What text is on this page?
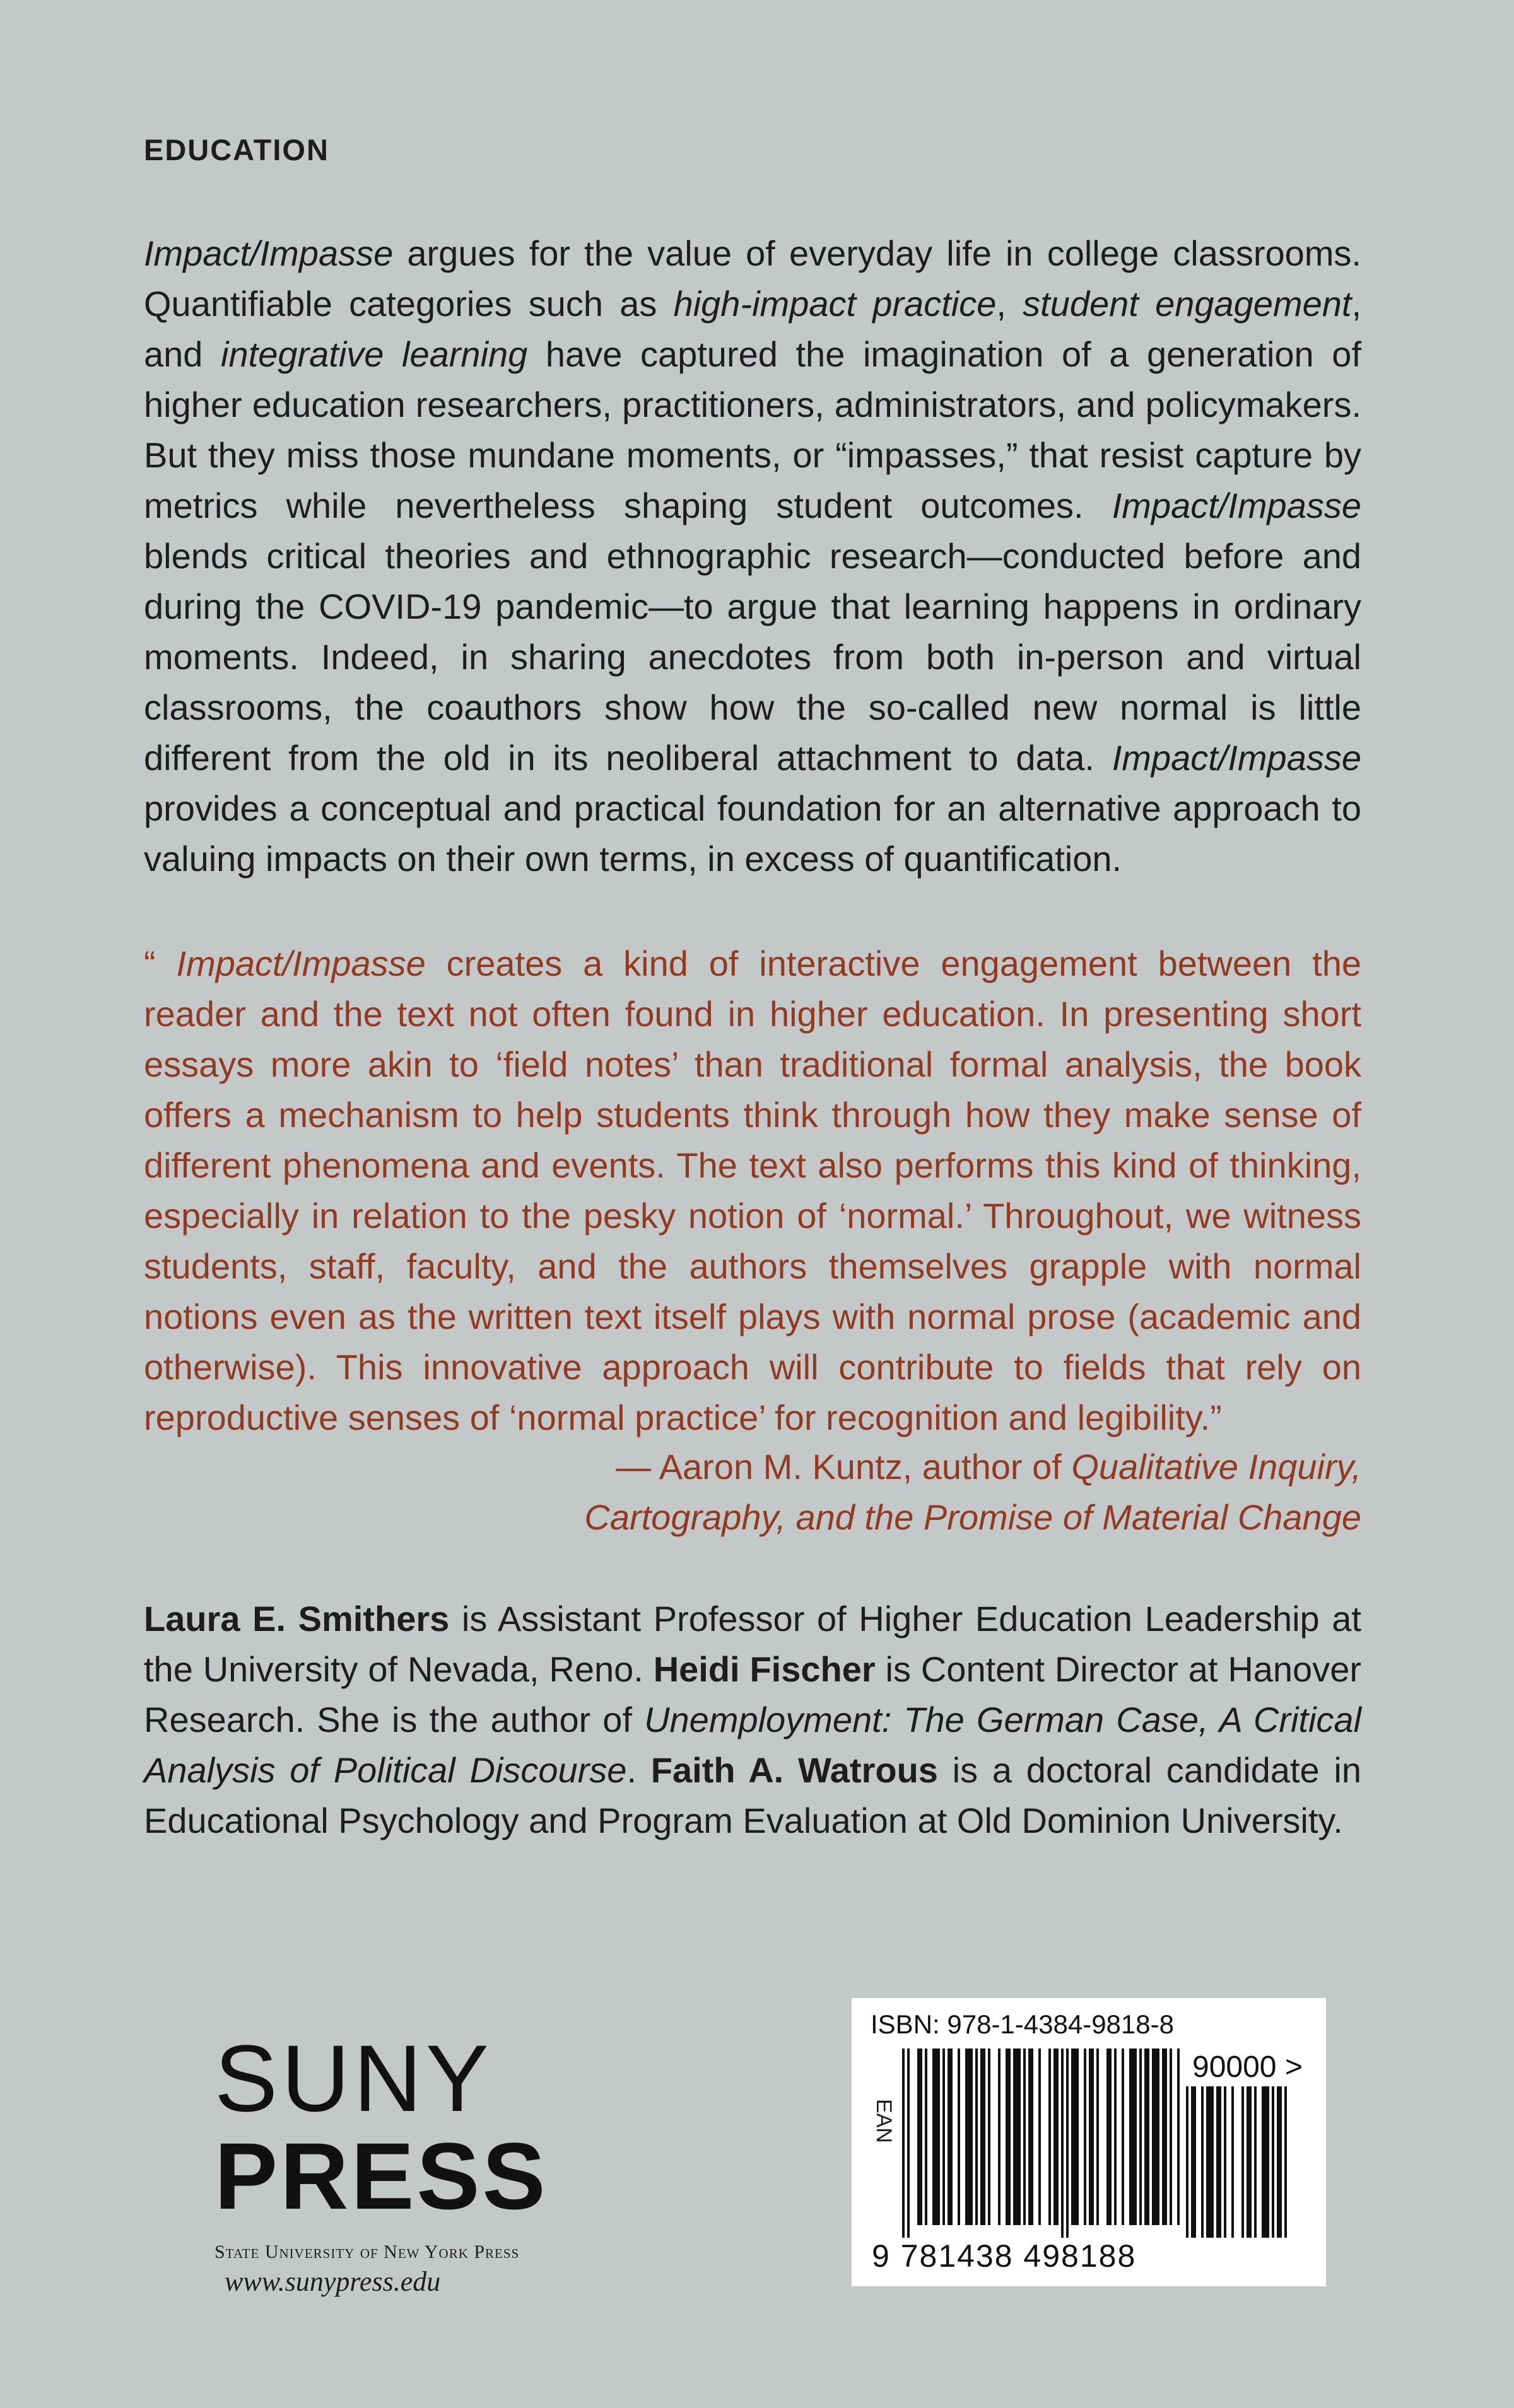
EDUCATION
Impact/Impasse argues for the value of everyday life in college classrooms. Quantifiable categories such as high-impact practice, student engagement, and integrative learning have captured the imagination of a generation of higher education researchers, practitioners, administrators, and policymakers. But they miss those mundane moments, or “impasses,” that resist capture by metrics while nevertheless shaping student outcomes. Impact/Impasse blends critical theories and ethnographic research—conducted before and during the COVID-19 pandemic—to argue that learning happens in ordinary moments. Indeed, in sharing anecdotes from both in-person and virtual classrooms, the coauthors show how the so-called new normal is little different from the old in its neoliberal attachment to data. Impact/Impasse provides a conceptual and practical foundation for an alternative approach to valuing impacts on their own terms, in excess of quantification.
“ Impact/Impasse creates a kind of interactive engagement between the reader and the text not often found in higher education. In presenting short essays more akin to ‘field notes’ than traditional formal analysis, the book offers a mechanism to help students think through how they make sense of different phenomena and events. The text also performs this kind of thinking, especially in relation to the pesky notion of ‘normal.’ Throughout, we witness students, staff, faculty, and the authors themselves grapple with normal notions even as the written text itself plays with normal prose (academic and otherwise). This innovative approach will contribute to fields that rely on reproductive senses of ‘normal practice’ for recognition and legibility.”
— Aaron M. Kuntz, author of Qualitative Inquiry, Cartography, and the Promise of Material Change
Laura E. Smithers is Assistant Professor of Higher Education Leadership at the University of Nevada, Reno. Heidi Fischer is Content Director at Hanover Research. She is the author of Unemployment: The German Case, A Critical Analysis of Political Discourse. Faith A. Watrous is a doctoral candidate in Educational Psychology and Program Evaluation at Old Dominion University.
SUNY
PRESS
State University of New York Press
www.sunypress.edu
ISBN: 978-1-4384-9818-8
EAN
90000 >
9 781438 498188
